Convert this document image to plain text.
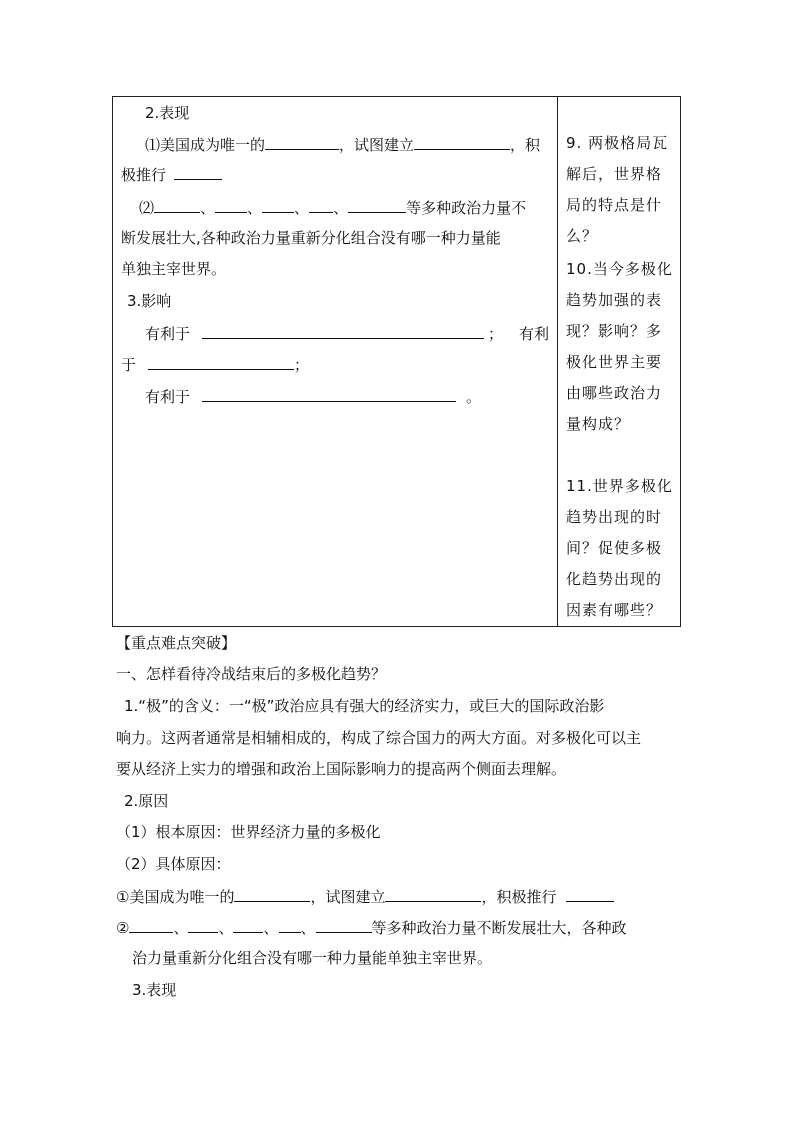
2.表现
⑴美国成为唯一的	，试图建立	，积
极推行
⑵	、 、 、 、	等多种政治力量不
断发展壮大,各种政治力量重新分化组合没有哪一种力量能
单独主宰世界。
3.影响
有利于	； 有利
于	；
有利于	。
9. 两极格局瓦解后，世界格局的特点是什么？
10.当今多极化趋势加强的表现？影响？多极化世界主要由哪些政治力量构成？
11.世界多极化趋势出现的时间？促使多极化趋势出现的因素有哪些？
【重点难点突破】
一、怎样看待冷战结束后的多极化趋势？
1.“极”的含义：一“极”政治应具有强大的经济实力，或巨大的国际政治影
响力。这两者通常是相辅相成的，构成了综合国力的两大方面。对多极化可以主
要从经济上实力的增强和政治上国际影响力的提高两个侧面去理解。
2.原因
（1）根本原因：世界经济力量的多极化
（2）具体原因：
①美国成为唯一的	，试图建立	，积极推行
②	、 、 、 、	等多种政治力量不断发展壮大，各种政
治力量重新分化组合没有哪一种力量能单独主宰世界。
3.表现
